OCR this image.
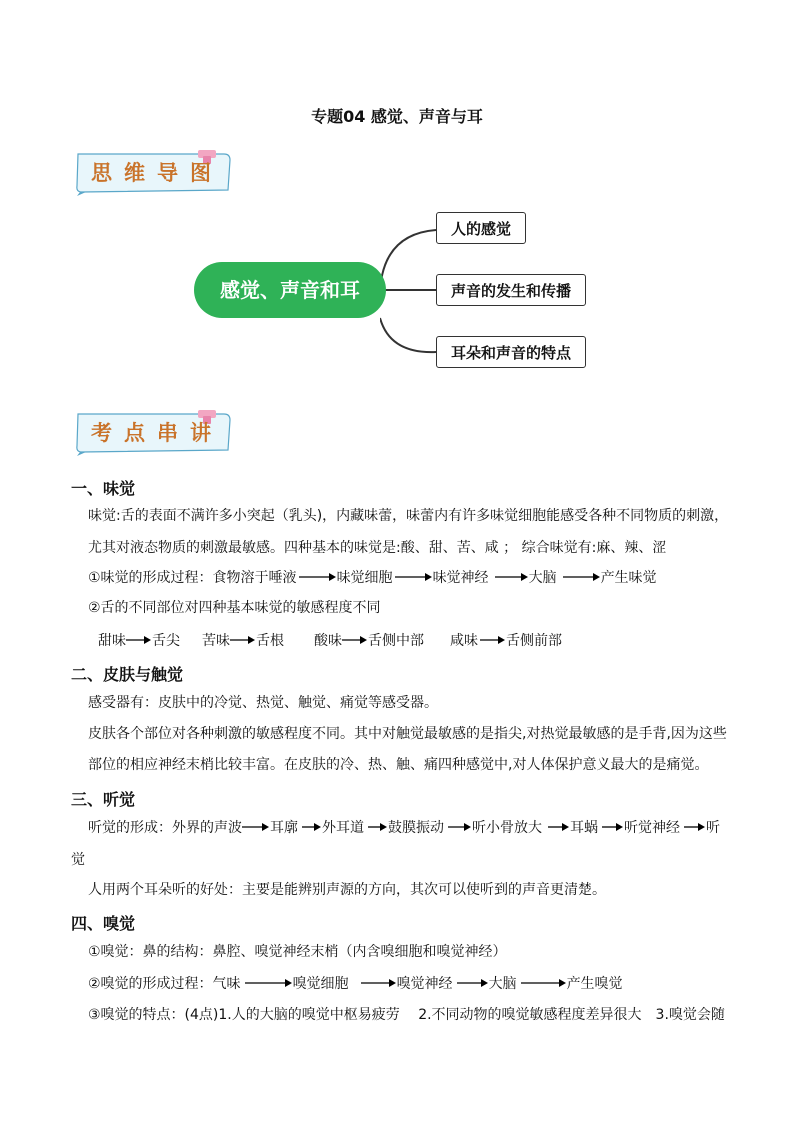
专题04 感觉、声音与耳
思维导图
感觉、声音和耳
人的感觉
声音的发生和传播
耳朵和声音的特点
考点串讲
一、味觉
味觉:舌的表面不满许多小突起（乳头)，内藏味蕾，味蕾内有许多味觉细胞能感受各种不同物质的刺激，
尤其对液态物质的刺激最敏感。四种基本的味觉是:酸、甜、苦、咸 ； 综合味觉有:麻、辣、涩
①味觉的形成过程：食物溶于唾液	味觉细胞	味觉神经	大脑	产生味觉
②舌的不同部位对四种基本味觉的敏感程度不同
甜味 舌尖 苦味 舌根 酸味 舌侧中部 咸味 舌侧前部
二、皮肤与触觉
感受器有：皮肤中的冷觉、热觉、触觉、痛觉等感受器。
皮肤各个部位对各种刺激的敏感程度不同。其中对触觉最敏感的是指尖,对热觉最敏感的是手背,因为这些
部位的相应神经末梢比较丰富。在皮肤的冷、热、触、痛四种感觉中,对人体保护意义最大的是痛觉。
三、听觉
听觉的形成：外界的声波 耳廓 外耳道 鼓膜振动 听小骨放大 耳蜗 听觉神经 听
觉
人用两个耳朵听的好处：主要是能辨别声源的方向，其次可以使听到的声音更清楚。
四、嗅觉
①嗅觉：鼻的结构：鼻腔、嗅觉神经末梢（内含嗅细胞和嗅觉神经）
②嗅觉的形成过程：气味	嗅觉细胞	嗅觉神经	大脑	产生嗅觉
③嗅觉的特点：(4点)1.人的大脑的嗅觉中枢易疲劳　 2.不同动物的嗅觉敏感程度差异很大　3.嗅觉会随
